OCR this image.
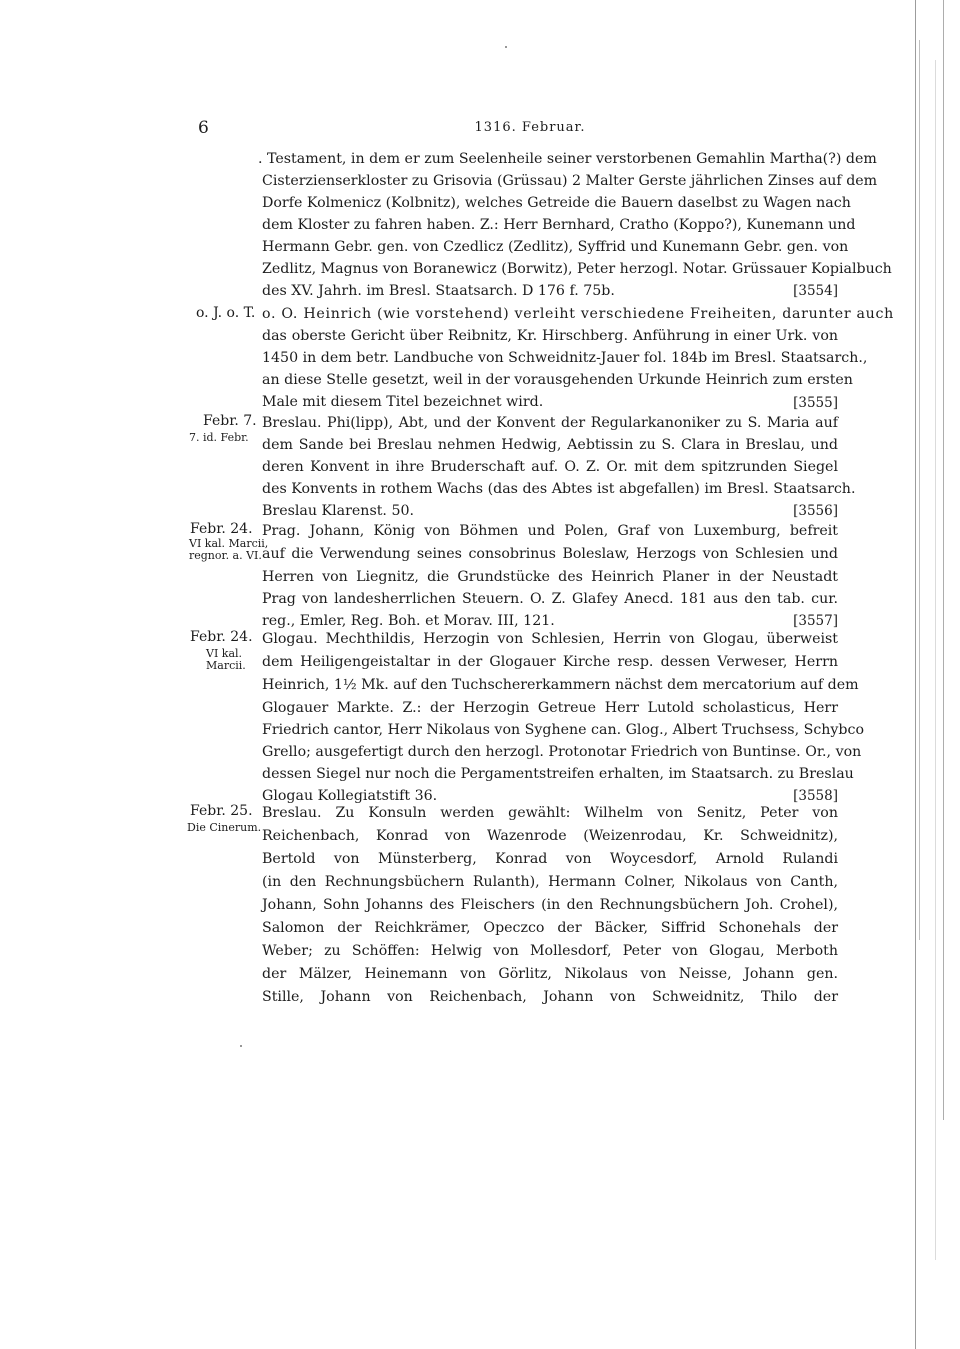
6	1316. Februar.
. Testament, in dem er zum Seelenheile seiner verstorbenen Gemahlin Martha(?) dem
Cisterzienserkloster zu Grisovia (Grüssau) 2 Malter Gerste jährlichen Zinses auf dem
Dorfe Kolmenicz (Kolbnitz), welches Getreide die Bauern daselbst zu Wagen nach
dem Kloster zu fahren haben. Z.: Herr Bernhard, Cratho (Koppo?), Kunemann und
Hermann Gebr. gen. von Czedlicz (Zedlitz), Syffrid und Kunemann Gebr. gen. von
Zedlitz, Magnus von Boranewicz (Borwitz), Peter herzogl. Notar. Grüssauer Kopialbuch
des XV. Jahrh. im Bresl. Staatsarch. D 176 f. 75b.	[3554]
o. J. o. T. o. O. Heinrich (wie vorstehend) verleiht verschiedene Freiheiten, darunter auch
das oberste Gericht über Reibnitz, Kr. Hirschberg. Anführung in einer Urk. von
1450 in dem betr. Landbuche von Schweidnitz-Jauer fol. 184b im Bresl. Staatsarch.,
an diese Stelle gesetzt, weil in der vorausgehenden Urkunde Heinrich zum ersten
Male mit diesem Titel bezeichnet wird.	[3555]
Febr. 7.
7. id. Febr.
Breslau. Phi(lipp), Abt, und der Konvent der Regularkanoniker zu S. Maria auf
dem Sande bei Breslau nehmen Hedwig, Aebtissin zu S. Clara in Breslau, und
deren Konvent in ihre Bruderschaft auf. O. Z. Or. mit dem spitzrunden Siegel
des Konvents in rothem Wachs (das des Abtes ist abgefallen) im Bresl. Staatsarch.
Breslau Klarenst. 50.	[3556]
Febr. 24.
VI kal. Marcii,
regnor. a. VI.
Prag. Johann, König von Böhmen und Polen, Graf von Luxemburg, befreit
auf die Verwendung seines consobrinus Boleslaw, Herzogs von Schlesien und
Herren von Liegnitz, die Grundstücke des Heinrich Planer in der Neustadt
Prag von landesherrlichen Steuern. O. Z. Glafey Anecd. 181 aus den tab. cur.
reg., Emler, Reg. Boh. et Morav. III, 121.	[3557]
Febr. 24.
VI kal.
Marcii.
Glogau. Mechthildis, Herzogin von Schlesien, Herrin von Glogau, überweist
dem Heiligengeistaltar in der Glogauer Kirche resp. dessen Verweser, Herrn
Heinrich, 1½ Mk. auf den Tuchschererkammern nächst dem mercatorium auf dem
Glogauer Markte. Z.: der Herzogin Getreue Herr Lutold scholasticus, Herr
Friedrich cantor, Herr Nikolaus von Syghene can. Glog., Albert Truchsess, Schybco
Grello; ausgefertigt durch den herzogl. Protonotar Friedrich von Buntinse. Or., von
dessen Siegel nur noch die Pergamentstreifen erhalten, im Staatsarch. zu Breslau
Glogau Kollegiatstift 36.	[3558]
Febr. 25.
Die Cinerum.
Breslau. Zu Konsuln werden gewählt: Wilhelm von Senitz, Peter von
Reichenbach, Konrad von Wazenrode (Weizenrodau, Kr. Schweidnitz),
Bertold von Münsterberg, Konrad von Woycesdorf, Arnold Rulandi
(in den Rechnungsbüchern Rulanth), Hermann Colner, Nikolaus von Canth,
Johann, Sohn Johanns des Fleischers (in den Rechnungsbüchern Joh. Crohel),
Salomon der Reichkrämer, Opeczco der Bäcker, Siffrid Schonehals der
Weber; zu Schöffen: Helwig von Mollesdorf, Peter von Glogau, Merboth
der Mälzer, Heinemann von Görlitz, Nikolaus von Neisse, Johann gen.
Stille, Johann von Reichenbach, Johann von Schweidnitz, Thilo der
